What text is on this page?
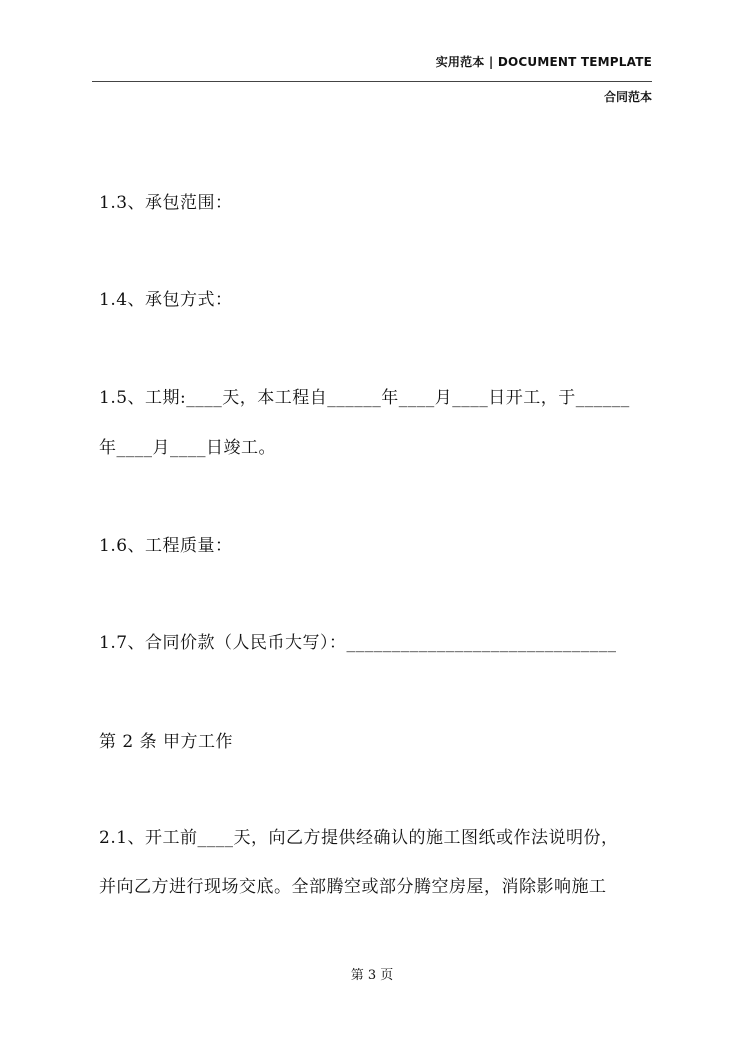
实用范本 | DOCUMENT TEMPLATE
合同范本
1.3、承包范围：
1.4、承包方式：
1.5、工期:____天，本工程自______年____月____日开工，于______
年____月____日竣工。
1.6、工程质量：
1.7、合同价款（人民币大写）：______________________________
第 2 条 甲方工作
2.1、开工前____天，向乙方提供经确认的施工图纸或作法说明份，
并向乙方进行现场交底。全部腾空或部分腾空房屋，消除影响施工
第 3 页
